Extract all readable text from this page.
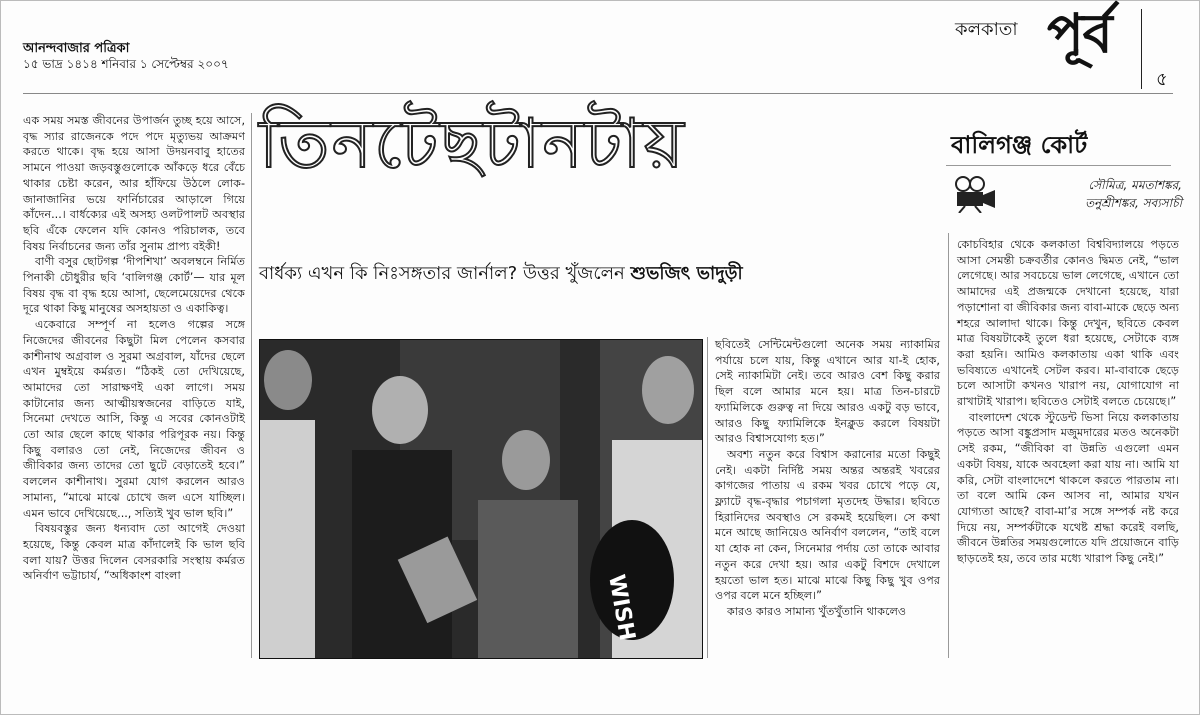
আনন্দবাজার পত্রিকা
১৫ ভাদ্র ১৪১৪ শনিবার ১ সেপ্টেম্বর ২০০৭
কলকাতা পূর্ব
৫
তিনটেছটানটায়	বালিগঞ্জ কোর্ট
সৌমিত্র, মমতাশঙ্কর,
তনুশ্রীশঙ্কর, সব্যসাচী
বার্ধক্য এখন কি নিঃসঙ্গতার জার্নাল? উত্তর খুঁজলেন শুভজিৎ ভাদুড়ী

এক সময় সমস্ত জীবনের উপার্জন তুচ্ছ হয়ে আসে, বৃদ্ধ স্যার রাজেনকে পদে পদে মৃত্যুভয় আক্রমণ করতে থাকে। বৃদ্ধ হয়ে আসা উদয়নবাবু হাতের সামনে পাওয়া জড়বস্তুগুলোকে আঁকড়ে ধরে বেঁচে থাকার চেষ্টা করেন, আর হাঁফিয়ে উঠলে লোক-জানাজানির ভয়ে ফার্নিচারের আড়ালে গিয়ে কাঁদেন...। বার্ধক্যের এই অসহ্য ওলটপালট অবস্থার ছবি এঁকে ফেলেন যদি কোনও পরিচালক, তবে বিষয় নির্বাচনের জন্য তাঁর সুনাম প্রাপ্য বইকী!

বাণী বসুর ছোটগল্প ‘দীপশিখা’ অবলম্বনে নির্মিত পিনাকী চৌধুরীর ছবি ‘বালিগঞ্জ কোর্ট’— যার মূল বিষয় বৃদ্ধ বা বৃদ্ধ হয়ে আসা, ছেলেমেয়েদের থেকে দূরে থাকা কিছু মানুষের অসহায়তা ও একাকিত্ব।

একেবারে সম্পূর্ণ না হলেও গল্পের সঙ্গে নিজেদের জীবনের কিছুটা মিল পেলেন কসবার কাশীনাথ অগ্রবাল ও সুরমা অগ্রবাল, যাঁদের ছেলে এখন মুম্বইয়ে কর্মরত। “ঠিকই তো দেখিয়েছে, আমাদের তো সারাক্ষণই একা লাগে। সময় কাটানোর জন্য আত্মীয়স্বজনের বাড়িতে যাই, সিনেমা দেখতে আসি, কিন্তু এ সবের কোনওটাই তো আর ছেলে কাছে থাকার পরিপূরক নয়। কিন্তু কিছু বলারও তো নেই, নিজেদের জীবন ও জীবিকার জন্য তাদের তো ছুটে বেড়াতেই হবে।” বললেন কাশীনাথ। সুরমা যোগ করলেন আরও সামান্য, “মাঝে মাঝে চোখে জল এসে যাচ্ছিল। এমন ভাবে দেখিয়েছে..., সত্যিই খুব ভাল ছবি।”

বিষয়বস্তুর জন্য ধন্যবাদ তো আগেই দেওয়া হয়েছে, কিন্তু কেবল মাত্র কাঁদালেই কি ভাল ছবি বলা যায়? উত্তর দিলেন বেসরকারি সংস্থায় কর্মরত অনির্বাণ ভট্টাচার্য, “অধিকাংশ বাংলা	WISH

ছবিতেই সেন্টিমেন্টগুলো অনেক সময় ন্যাকামির পর্যায়ে চলে যায়, কিন্তু এখানে আর যা-ই হোক, সেই ন্যাকামিটা নেই। তবে আরও বেশ কিছু করার ছিল বলে আমার মনে হয়। মাত্র তিন-চারটে ফ্যামিলিকে গুরুত্ব না দিয়ে আরও একটু বড় ভাবে, আরও কিছু ফ্যামিলিকে ইনক্লুড করলে বিষয়টা আরও বিশ্বাসযোগ্য হত।”

অবশ্য নতুন করে বিশ্বাস করানোর মতো কিছুই নেই। একটা নির্দিষ্ট সময় অন্তর অন্তরই খবরের কাগজের পাতায় এ রকম খবর চোখে পড়ে যে, ফ্ল্যাটে বৃদ্ধ-বৃদ্ধার পচাগলা মৃতদেহ উদ্ধার। ছবিতে হিরানিদের অবস্থাও সে রকমই হয়েছিল। সে কথা মনে আছে জানিয়েও অনির্বাণ বললেন, “তাই বলে যা হোক না কেন, সিনেমার পর্দায় তো তাকে আবার নতুন করে দেখা হয়। আর একটু বিশদে দেখালে হয়তো ভাল হত। মাঝে মাঝে কিছু কিছু খুব ওপর ওপর বলে মনে হচ্ছিল।”

কারও কারও সামান্য খুঁতখুঁতানি থাকলেও

কোচবিহার থেকে কলকাতা বিশ্ববিদ্যালয়ে পড়তে আসা সেমন্তী চক্রবর্তীর কোনও দ্বিমত নেই, “ভাল লেগেছে। আর সবচেয়ে ভাল লেগেছে, এখানে তো আমাদের এই প্রজন্মকে দেখানো হয়েছে, যারা পড়াশোনা বা জীবিকার জন্য বাবা-মাকে ছেড়ে অন্য শহরে আলাদা থাকে। কিন্তু দেখুন, ছবিতে কেবল মাত্র বিষয়টাকেই তুলে ধরা হয়েছে, সেটাকে ব্যঙ্গ করা হয়নি। আমিও কলকাতায় একা থাকি এবং ভবিষ্যতে এখানেই সেটল করব। মা-বাবাকে ছেড়ে চলে আসাটা কখনও খারাপ নয়, যোগাযোগ না রাখাটাই খারাপ। ছবিতেও সেটাই বলতে চেয়েছে।”

বাংলাদেশ থেকে স্টুডেন্ট ভিসা নিয়ে কলকাতায় পড়তে আসা বঙ্কুপ্রসাদ মজুমদারের মতও অনেকটা সেই রকম, “জীবিকা বা উন্নতি এগুলো এমন একটা বিষয়, যাকে অবহেলা করা যায় না। আমি যা করি, সেটা বাংলাদেশে থাকলে করতে পারতাম না। তা বলে আমি কেন আসব না, আমার যখন যোগ্যতা আছে? বাবা-মা’র সঙ্গে সম্পর্ক নষ্ট করে দিয়ে নয়, সম্পর্কটাকে যথেষ্ট শ্রদ্ধা করেই বলছি, জীবনে উন্নতির সময়গুলোতে যদি প্রয়োজনে বাড়ি ছাড়তেই হয়, তবে তার মধ্যে খারাপ কিছু নেই।”
